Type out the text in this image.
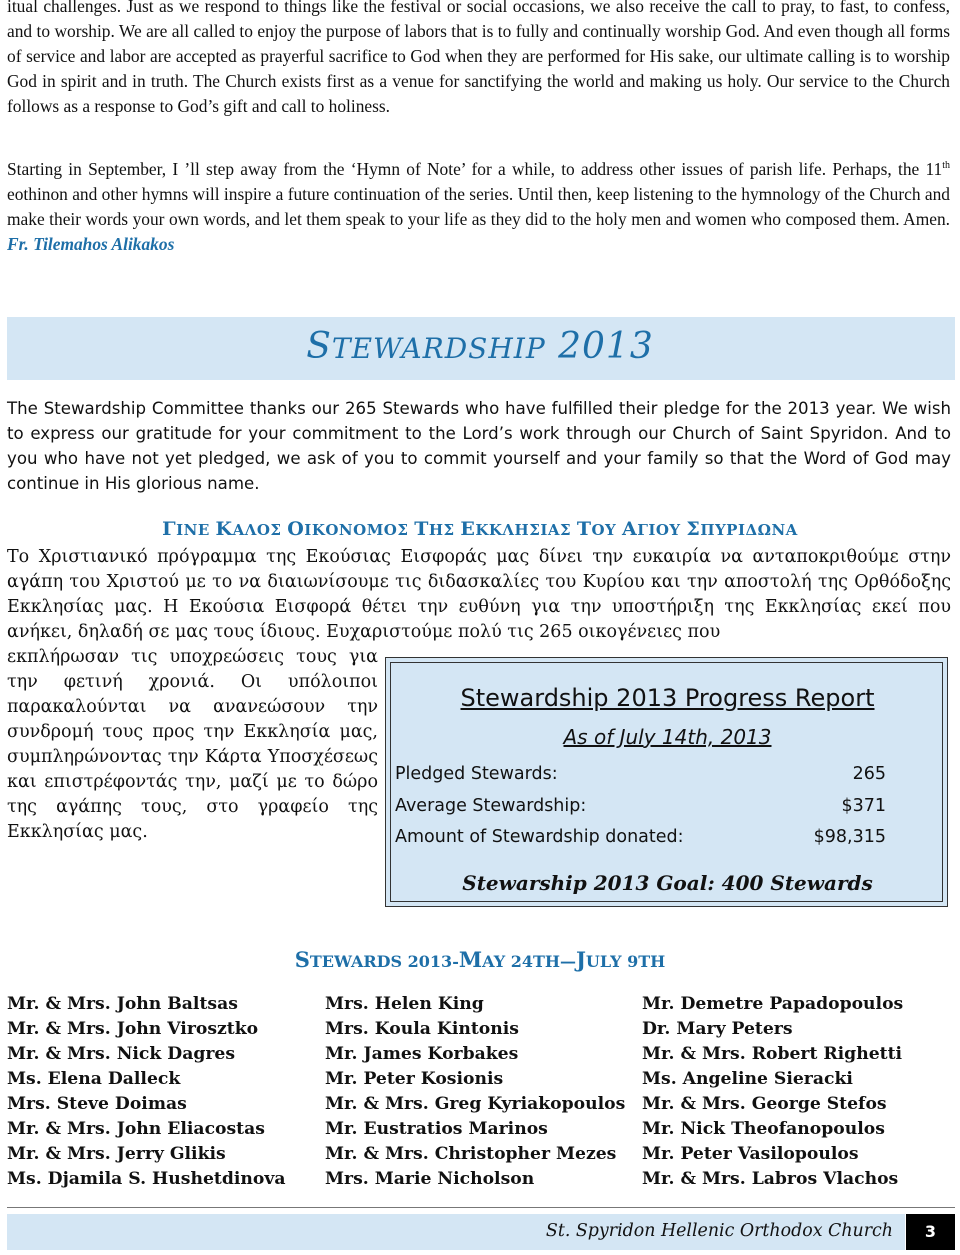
itual challenges. Just as we respond to things like the festival or social occasions, we also receive the call to pray, to fast, to confess, and to worship. We are all called to enjoy the purpose of labors that is to fully and continually worship God. And even though all forms of service and labor are accepted as prayerful sacrifice to God when they are performed for His sake, our ultimate calling is to worship God in spirit and in truth. The Church exists first as a venue for sanctifying the world and making us holy. Our service to the Church follows as a response to God’s gift and call to holiness.

Starting in September, I ’ll step away from the ‘Hymn of Note’ for a while, to address other issues of parish life. Perhaps, the 11th eothinon and other hymns will inspire a future continuation of the series. Until then, keep listening to the hymnology of the Church and make their words your own words, and let them speak to your life as they did to the holy men and women who composed them. Amen. Fr. Tilemahos Alikakos

STEWARDSHIP 2013

The Stewardship Committee thanks our 265 Stewards who have fulfilled their pledge for the 2013 year. We wish to express our gratitude for your commitment to the Lord’s work through our Church of Saint Spyridon. And to you who have not yet pledged, we ask of you to commit yourself and your family so that the Word of God may continue in His glorious name.

ΓΙΝΕ ΚΑΛΟΣ ΟΙΚΟΝΟΜΟΣ ΤΗΣ ΕΚΚΛΗΣΙΑΣ ΤΟΥ ΑΓΙΟΥ ΣΠΥΡΙΔΩΝΑ

Το Χριστιανικό πρόγραμμα της Εκούσιας Εισφοράς μας δίνει την ευκαιρία να ανταποκριθούμε στην αγάπη του Χριστού με το να διαιωνίσουμε τις διδασκαλίες του Κυρίου και την αποστολή της Ορθόδοξης Εκκλησίας μας. Η Εκούσια Εισφορά θέτει την ευθύνη για την υποστήριξη της Εκκλησίας εκεί που ανήκει, δηλαδή σε μας τους ίδιους. Ευχαριστούμε πολύ τις 265 οικογένειες που

εκπλήρωσαν τις υποχρεώσεις τους για την φετινή χρονιά. Οι υπόλοιποι παρακαλούνται να ανανεώσουν την συνδρομή τους προς την Εκκλησία μας, συμπληρώνοντας την Κάρτα Υποσχέσεως και επιστρέφοντάς την, μαζί με το δώρο της αγάπης τους, στο γραφείο της Εκκλησίας μας.

Stewardship 2013 Progress Report
As of July 14th, 2013
Pledged Stewards:	265
Average Stewardship:	$371
Amount of Stewardship donated:	$98,315
Stewarship 2013 Goal: 400 Stewards
STEWARDS 2013-MAY 24TH—JULY 9TH
Mr. & Mrs. John Baltsas
Mr. & Mrs. John Virosztko
Mr. & Mrs. Nick Dagres
Ms. Elena Dalleck
Mrs. Steve Doimas
Mr. & Mrs. John Eliacostas
Mr. & Mrs. Jerry Glikis
Ms. Djamila S. Hushetdinova
Mrs. Helen King
Mrs. Koula Kintonis
Mr. James Korbakes
Mr. Peter Kosionis
Mr. & Mrs. Greg Kyriakopoulos
Mr. Eustratios Marinos
Mr. & Mrs. Christopher Mezes
Mrs. Marie Nicholson
Mr. Demetre Papadopoulos
Dr. Mary Peters
Mr. & Mrs. Robert Righetti
Ms. Angeline Sieracki
Mr. & Mrs. George Stefos
Mr. Nick Theofanopoulos
Mr. Peter Vasilopoulos
Mr. & Mrs. Labros Vlachos
St. Spyridon Hellenic Orthodox Church	3
